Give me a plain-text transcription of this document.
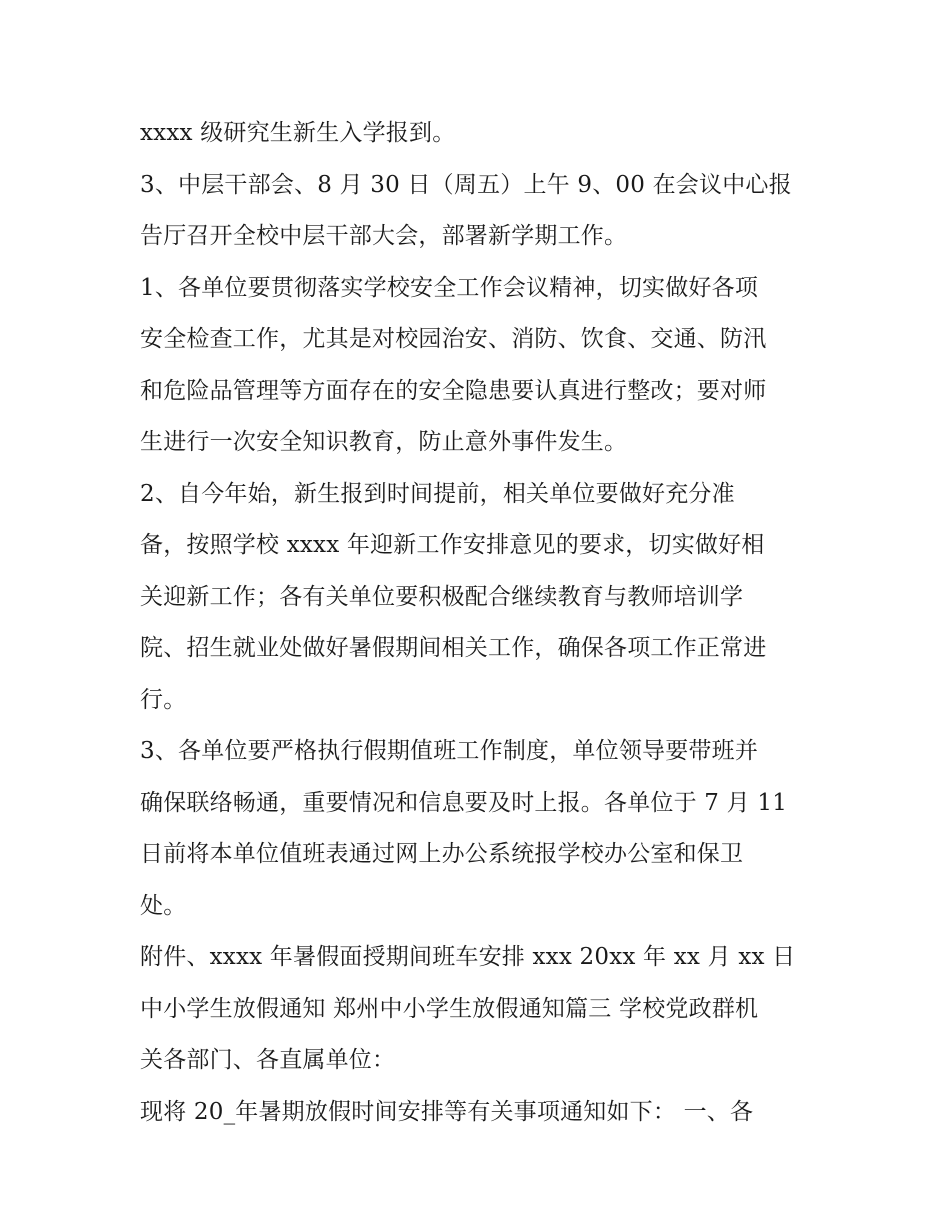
xxxx 级研究生新生入学报到。
3、中层干部会、8 月 30 日（周五）上午 9、00 在会议中心报
告厅召开全校中层干部大会，部署新学期工作。
1、各单位要贯彻落实学校安全工作会议精神，切实做好各项
安全检查工作，尤其是对校园治安、消防、饮食、交通、防汛
和危险品管理等方面存在的安全隐患要认真进行整改；要对师
生进行一次安全知识教育，防止意外事件发生。
2、自今年始，新生报到时间提前，相关单位要做好充分准
备，按照学校 xxxx 年迎新工作安排意见的要求，切实做好相
关迎新工作；各有关单位要积极配合继续教育与教师培训学
院、招生就业处做好暑假期间相关工作，确保各项工作正常进
行。
3、各单位要严格执行假期值班工作制度，单位领导要带班并
确保联络畅通，重要情况和信息要及时上报。各单位于 7 月 11
日前将本单位值班表通过网上办公系统报学校办公室和保卫
处。
附件、xxxx 年暑假面授期间班车安排 xxx 20xx 年 xx 月 xx 日
中小学生放假通知 郑州中小学生放假通知篇三 学校党政群机
关各部门、各直属单位：
现将 20_年暑期放假时间安排等有关事项通知如下： 一、各
